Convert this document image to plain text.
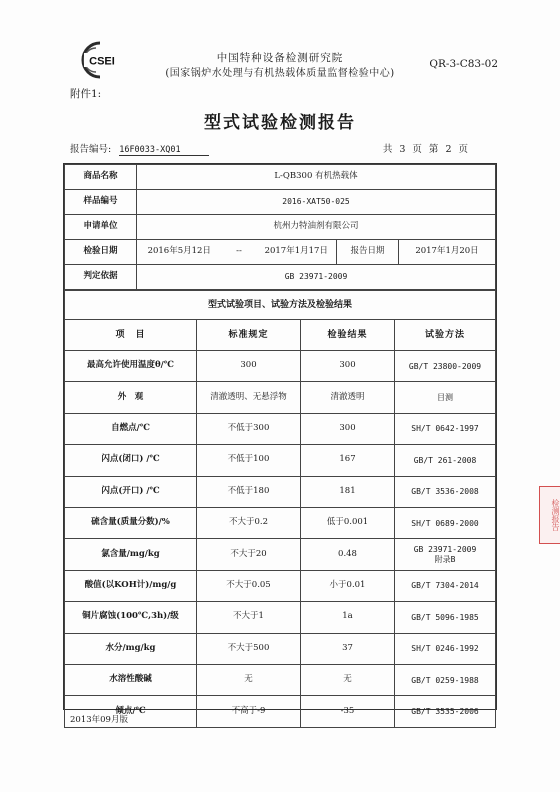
CSEI	中国特种设备检测研究院
(国家锅炉水处理与有机热载体质量监督检验中心)
QR-3-C83-02
附件1:
型式试验检测报告
报告编号: 16F0033-XQ01	共 3 页 第 2 页
商品名称	L-QB300 有机热载体				
样品编号	2016-XAT50-025				
申请单位	杭州力特油剂有限公司				
检验日期	2016年5月12日	--	2017年1月17日	报告日期	2017年1月20日
判定依据	GB 23971-2009				
型式试验项目、试验方法及检验结果			
项　目	标准规定	检验结果	试验方法
最高允许使用温度θ/℃	300	300	GB/T 23800-2009
外　观	清澈透明、无悬浮物	清澈透明	目测
自燃点/℃	不低于300	300	SH/T 0642-1997
闪点(闭口) /℃	不低于100	167	GB/T 261-2008
闪点(开口) /℃	不低于180	181	GB/T 3536-2008
硫含量(质量分数)/%	不大于0.2	低于0.001	SH/T 0689-2000
氯含量/mg/kg	不大于20	0.48	GB 23971-2009
附录B
酸值(以KOH计)/mg/g	不大于0.05	小于0.01	GB/T 7304-2014
铜片腐蚀(100℃,3h)/级	不大于1	1a	GB/T 5096-1985
水分/mg/kg	不大于500	37	SH/T 0246-1992
水溶性酸碱	无	无	GB/T 0259-1988
倾点/℃	不高于-9	-35	GB/T 3535-2006
2013年09月版
检测报告
